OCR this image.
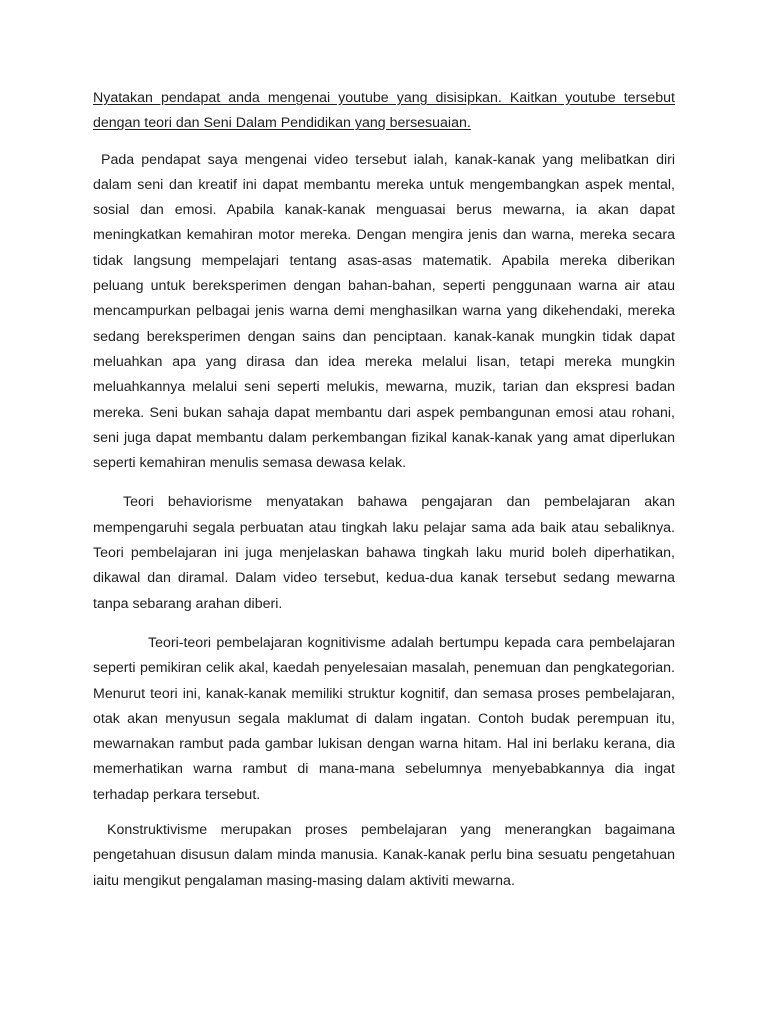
Nyatakan pendapat anda mengenai youtube yang disisipkan. Kaitkan youtube tersebut dengan teori dan Seni Dalam Pendidikan yang bersesuaian.

Pada pendapat saya mengenai video tersebut ialah, kanak-kanak yang melibatkan diri dalam seni dan kreatif ini dapat membantu mereka untuk mengembangkan aspek mental, sosial dan emosi. Apabila kanak-kanak menguasai berus mewarna, ia akan dapat meningkatkan kemahiran motor mereka. Dengan mengira jenis dan warna, mereka secara tidak langsung mempelajari tentang asas-asas matematik. Apabila mereka diberikan peluang untuk bereksperimen dengan bahan-bahan, seperti penggunaan warna air atau mencampurkan pelbagai jenis warna demi menghasilkan warna yang dikehendaki, mereka sedang bereksperimen dengan sains dan penciptaan. kanak-kanak mungkin tidak dapat meluahkan apa yang dirasa dan idea mereka melalui lisan, tetapi mereka mungkin meluahkannya melalui seni seperti melukis, mewarna, muzik, tarian dan ekspresi badan mereka. Seni bukan sahaja dapat membantu dari aspek pembangunan emosi atau rohani, seni juga dapat membantu dalam perkembangan fizikal kanak-kanak yang amat diperlukan seperti kemahiran menulis semasa dewasa kelak.

Teori behaviorisme menyatakan bahawa pengajaran dan pembelajaran akan mempengaruhi segala perbuatan atau tingkah laku pelajar sama ada baik atau sebaliknya. Teori pembelajaran ini juga menjelaskan bahawa tingkah laku murid boleh diperhatikan, dikawal dan diramal. Dalam video tersebut, kedua-dua kanak tersebut sedang mewarna tanpa sebarang arahan diberi.

Teori-teori pembelajaran kognitivisme adalah bertumpu kepada cara pembelajaran seperti pemikiran celik akal, kaedah penyelesaian masalah, penemuan dan pengkategorian. Menurut teori ini, kanak-kanak memiliki struktur kognitif, dan semasa proses pembelajaran, otak akan menyusun segala maklumat di dalam ingatan. Contoh budak perempuan itu, mewarnakan rambut pada gambar lukisan dengan warna hitam. Hal ini berlaku kerana, dia memerhatikan warna rambut di mana-mana sebelumnya menyebabkannya dia ingat terhadap perkara tersebut.

Konstruktivisme merupakan proses pembelajaran yang menerangkan bagaimana pengetahuan disusun dalam minda manusia. Kanak-kanak perlu bina sesuatu pengetahuan iaitu mengikut pengalaman masing-masing dalam aktiviti mewarna.
